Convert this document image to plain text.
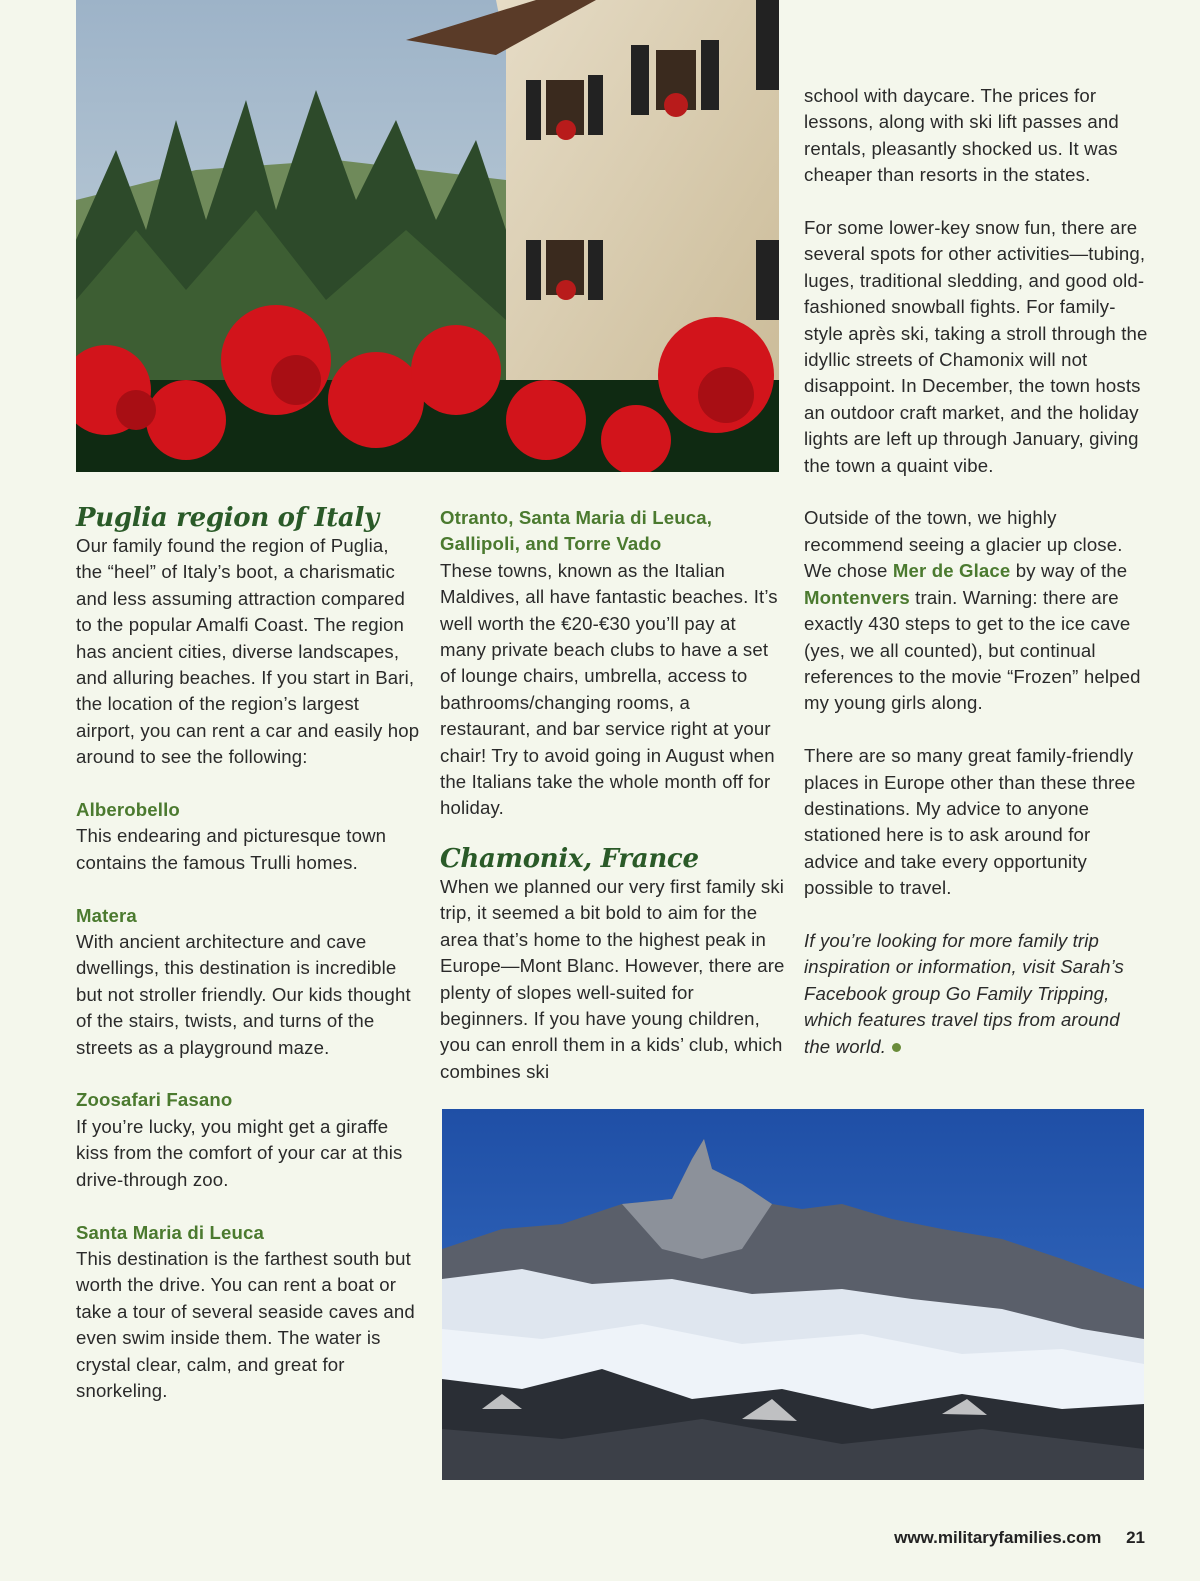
Puglia region of Italy

Our family found the region of Puglia, the “heel” of Italy’s boot, a charismatic and less assuming attraction compared to the popular Amalfi Coast. The region has ancient cities, diverse landscapes, and alluring beaches. If you start in Bari, the location of the region’s largest airport, you can rent a car and easily hop around to see the following:

Alberobello

This endearing and picturesque town contains the famous Trulli homes.

Matera

With ancient architecture and cave dwellings, this destination is incredible but not stroller friendly. Our kids thought of the stairs, twists, and turns of the streets as a playground maze.

Zoosafari Fasano

If you’re lucky, you might get a giraffe kiss from the comfort of your car at this drive-through zoo.

Santa Maria di Leuca

This destination is the farthest south but worth the drive. You can rent a boat or take a tour of several seaside caves and even swim inside them. The water is crystal clear, calm, and great for snorkeling.

Otranto, Santa Maria di Leuca, Gallipoli, and Torre Vado

These towns, known as the Italian Maldives, all have fantastic beaches. It’s well worth the €20-€30 you’ll pay at many private beach clubs to have a set of lounge chairs, umbrella, access to bathrooms/changing rooms, a restaurant, and bar service right at your chair! Try to avoid going in August when the Italians take the whole month off for holiday.

Chamonix, France

When we planned our very first family ski trip, it seemed a bit bold to aim for the area that’s home to the highest peak in Europe—Mont Blanc. However, there are plenty of slopes well-suited for beginners. If you have young children, you can enroll them in a kids’ club, which combines ski

school with daycare. The prices for lessons, along with ski lift passes and rentals, pleasantly shocked us. It was cheaper than resorts in the states.

For some lower-key snow fun, there are several spots for other activities—tubing, luges, traditional sledding, and good old-fashioned snowball fights. For family-style après ski, taking a stroll through the idyllic streets of Chamonix will not disappoint. In December, the town hosts an outdoor craft market, and the holiday lights are left up through January, giving the town a quaint vibe.

Outside of the town, we highly recommend seeing a glacier up close. We chose Mer de Glace by way of the Montenvers train. Warning: there are exactly 430 steps to get to the ice cave (yes, we all counted), but continual references to the movie “Frozen” helped my young girls along.

There are so many great family-friendly places in Europe other than these three destinations. My advice to anyone stationed here is to ask around for advice and take every opportunity possible to travel.

If you’re looking for more family trip inspiration or information, visit Sarah’s Facebook group Go Family Tripping, which features travel tips from around the world.

www.militaryfamilies.com 21
